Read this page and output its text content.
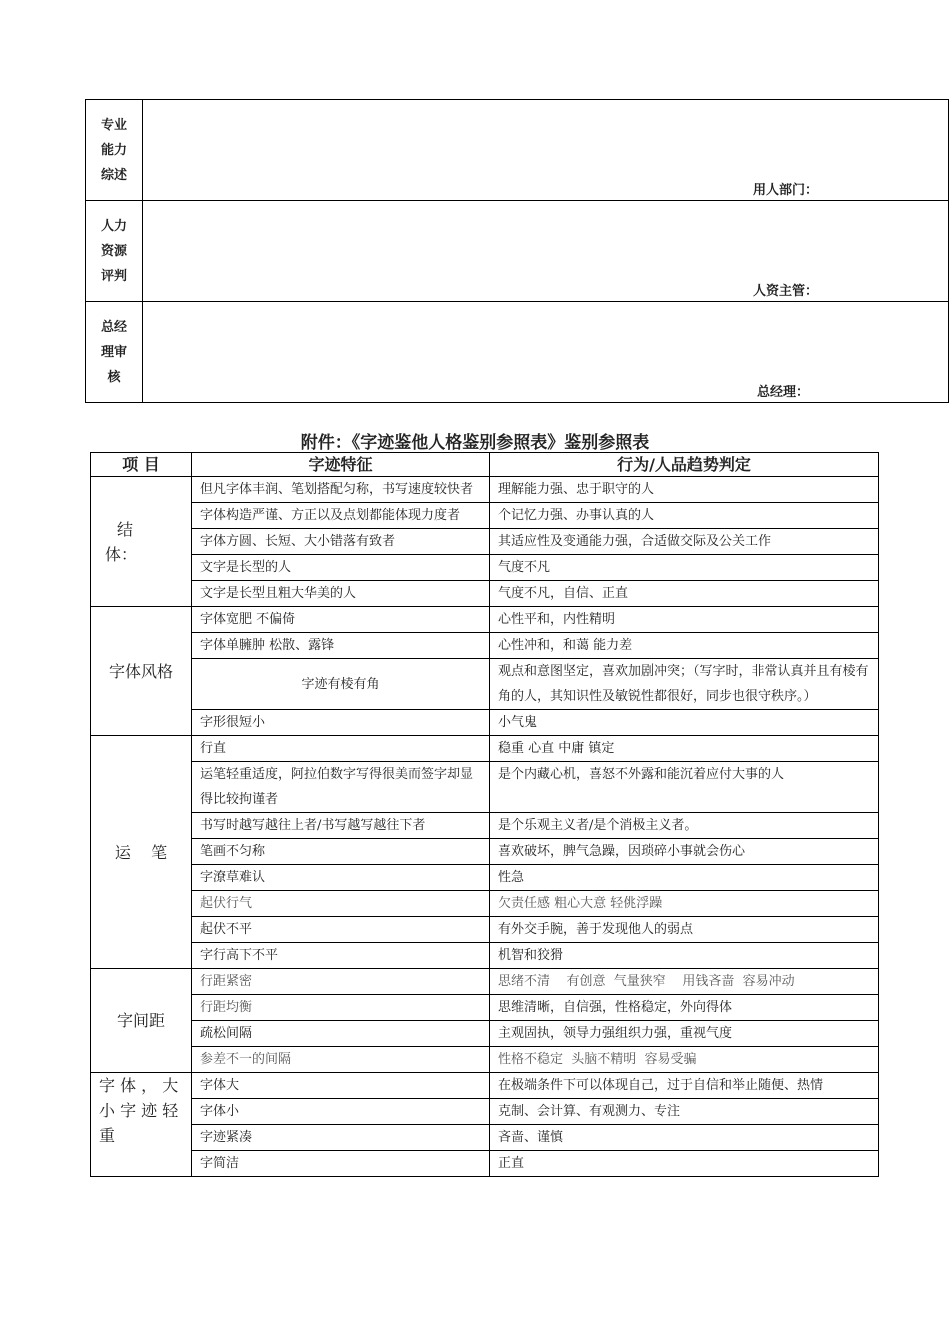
专业
能力
综述	用人部门：

人力
资源
评判	人资主管：

总经
理审
核	总经理：
附件：《字迹鉴他人格鉴别参照表》鉴别参照表
项 目	字迹特征	行为/人品趋势判定

结
体：	但凡字体丰润、笔划搭配匀称，书写速度较快者	理解能力强、忠于职守的人
	字体构造严谨、方正以及点划都能体现力度者	个记忆力强、办事认真的人
	字体方圆、长短、大小错落有致者	其适应性及变通能力强，合适做交际及公关工作
	文字是长型的人	气度不凡
	文字是长型且粗大华美的人	气度不凡，自信、正直
字体风格	字体宽肥 不偏倚	心性平和，内性精明
	字体单臃肿 松散、露锋	心性冲和，和蔼 能力差
	字迹有棱有角	观点和意图坚定，喜欢加剧冲突；（写字时，非常认真并且有棱有角的人，其知识性及敏锐性都很好，同步也很守秩序。）
	字形很短小	小气鬼
运    笔	行直	稳重 心直 中庸 镇定
	运笔轻重适度，阿拉伯数字写得很美而签字却显得比较拘谨者	是个内藏心机，喜怒不外露和能沉着应付大事的人
	书写时越写越往上者/书写越写越往下者	是个乐观主义者/是个消极主义者。
	笔画不匀称	喜欢破坏，脾气急躁，因琐碎小事就会伤心
	字潦草难认	性急
	起伏行气	欠责任感 粗心大意 轻佻浮躁
	起伏不平	有外交手腕，善于发现他人的弱点
	字行高下不平	机智和狡猾
字间距	行距紧密	思绪不清    有创意  气量狭窄    用钱吝啬  容易冲动
	行距均衡	思维清晰，自信强，性格稳定，外向得体
	疏松间隔	主观固执，领导力强组织力强，重视气度
	参差不一的间隔	性格不稳定  头脑不精明  容易受骗

字 体 ， 大
小 字 迹 轻
重	字体大	在极端条件下可以体现自己，过于自信和举止随便、热情
	字体小	克制、会计算、有观测力、专注
	字迹紧凑	吝啬、谨慎
	字简洁	正直
